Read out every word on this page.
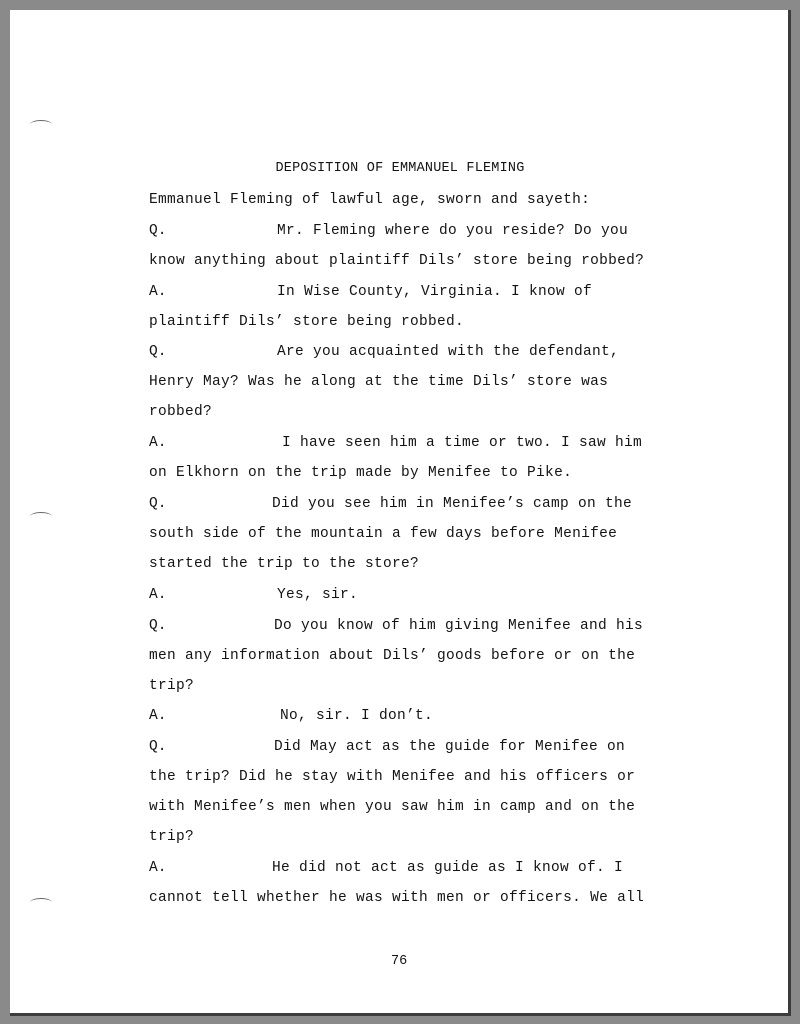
DEPOSITION OF EMMANUEL FLEMING
Emmanuel Fleming of lawful age, sworn and sayeth:
Q.	Mr. Fleming where do you reside? Do you
know anything about plaintiff Dils’ store being robbed?
A.	In Wise County, Virginia. I know of
plaintiff Dils’ store being robbed.
Q.	Are you acquainted with the defendant,
Henry May? Was he along at the time Dils’ store was
robbed?
A.	I have seen him a time or two. I saw him
on Elkhorn on the trip made by Menifee to Pike.
Q.	Did you see him in Menifee’s camp on the
south side of the mountain a few days before Menifee
started the trip to the store?
A.	Yes, sir.
Q.	Do you know of him giving Menifee and his
men any information about Dils’ goods before or on the
trip?
A.	No, sir. I don’t.
Q.	Did May act as the guide for Menifee on
the trip? Did he stay with Menifee and his officers or
with Menifee’s men when you saw him in camp and on the
trip?
A.	He did not act as guide as I know of. I
cannot tell whether he was with men or officers. We all
76
